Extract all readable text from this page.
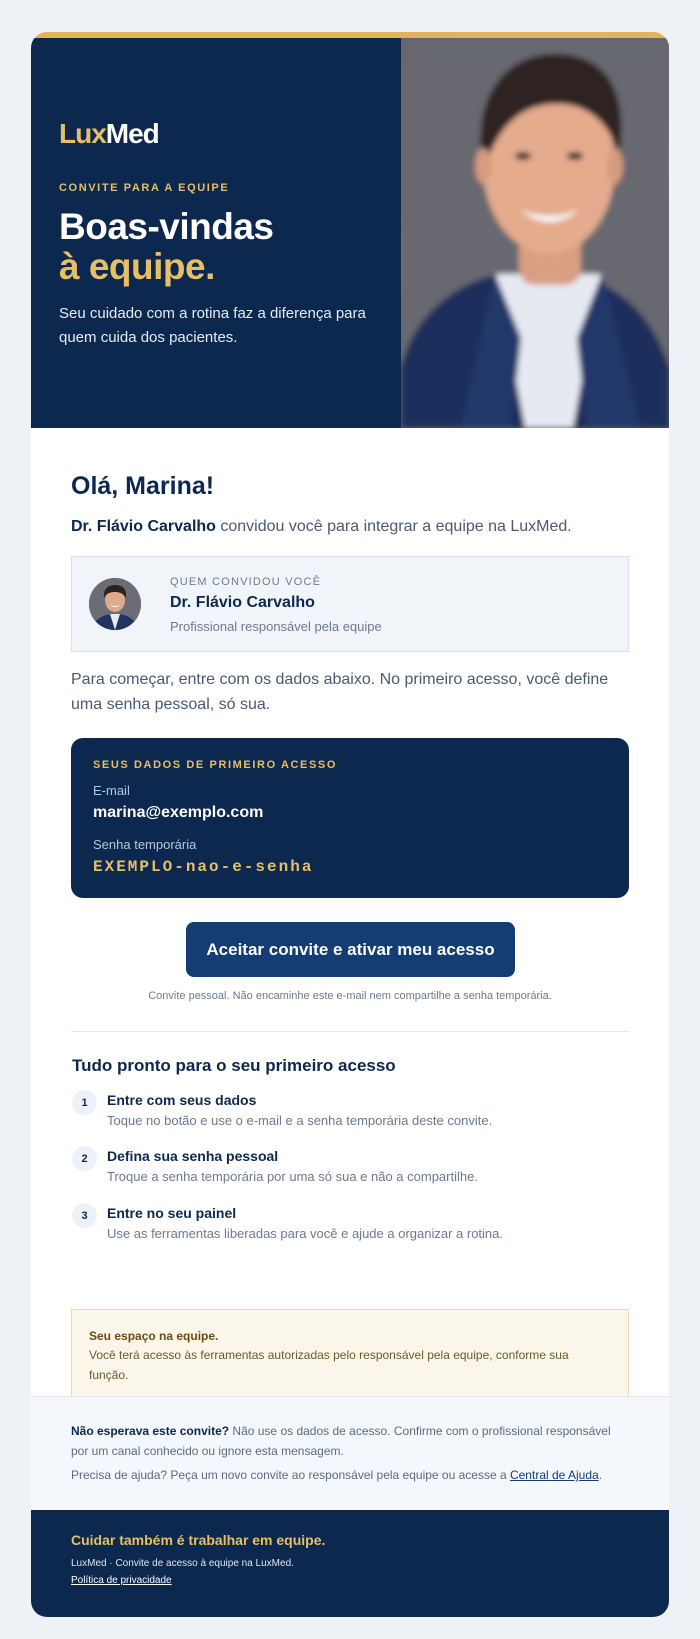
LuxMed
CONVITE PARA A EQUIPE
Boas-vindas
à equipe.
Seu cuidado com a rotina faz a diferença para quem cuida dos pacientes.
Olá, Marina!
Dr. Flávio Carvalho convidou você para integrar a equipe na LuxMed.
QUEM CONVIDOU VOCÊ
Dr. Flávio Carvalho
Profissional responsável pela equipe
Para começar, entre com os dados abaixo. No primeiro acesso, você define uma senha pessoal, só sua.
SEUS DADOS DE PRIMEIRO ACESSO
E-mail
marina@exemplo.com
Senha temporária
EXEMPLO-nao-e-senha
Aceitar convite e ativar meu acesso
Convite pessoal. Não encaminhe este e-mail nem compartilhe a senha temporária.
Tudo pronto para o seu primeiro acesso
1	Entre com seus dados
Toque no botão e use o e-mail e a senha temporária deste convite.
2	Defina sua senha pessoal
Troque a senha temporária por uma só sua e não a compartilhe.
3	Entre no seu painel
Use as ferramentas liberadas para você e ajude a organizar a rotina.
Seu espaço na equipe.
Você terá acesso às ferramentas autorizadas pelo responsável pela equipe, conforme sua função.
Não esperava este convite? Não use os dados de acesso. Confirme com o profissional responsável por um canal conhecido ou ignore esta mensagem.
Precisa de ajuda? Peça um novo convite ao responsável pela equipe ou acesse a Central de Ajuda.
Cuidar também é trabalhar em equipe.
LuxMed · Convite de acesso à equipe na LuxMed.
Política de privacidade
